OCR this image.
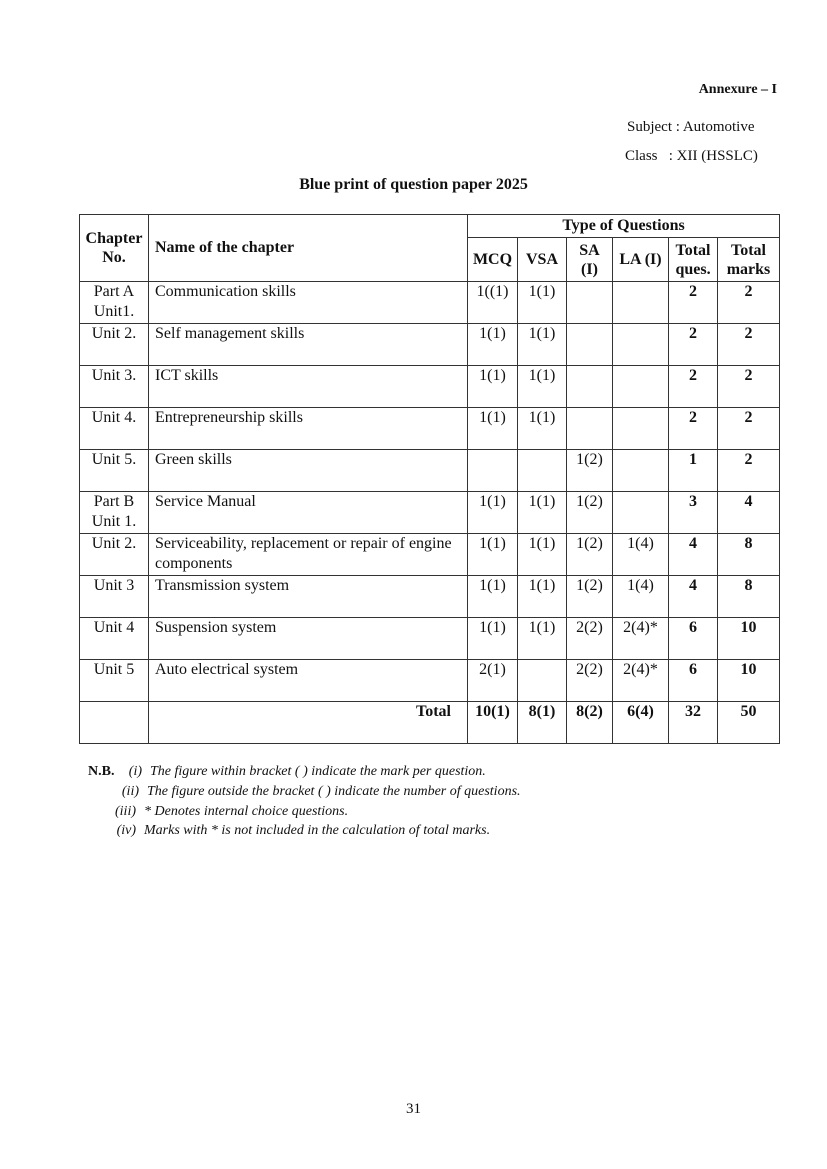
Annexure – I
Subject : Automotive
Class   : XII (HSSLC)
Blue print of question paper 2025
Chapter No.	Name of the chapter	Type of Questions					
		MCQ	VSA	SA (I)	LA (I)	Total ques.	Total marks
Part A Unit1.	Communication skills	1((1)	1(1)			2	2
Unit 2.	Self management skills	1(1)	1(1)			2	2
Unit 3.	ICT skills	1(1)	1(1)			2	2
Unit 4.	Entrepreneurship skills	1(1)	1(1)			2	2
Unit 5.	Green skills			1(2)		1	2
Part B Unit 1.	Service Manual	1(1)	1(1)	1(2)		3	4
Unit 2.	Serviceability, replacement or repair of engine components	1(1)	1(1)	1(2)	1(4)	4	8
Unit 3	Transmission system	1(1)	1(1)	1(2)	1(4)	4	8
Unit 4	Suspension system	1(1)	1(1)	2(2)	2(4)*	6	10
Unit 5	Auto electrical system	2(1)		2(2)	2(4)*	6	10
	Total	10(1)	8(1)	8(2)	6(4)	32	50
N.B.	(i) The figure within bracket ( ) indicate the mark per question.
(ii) The figure outside the bracket ( ) indicate the number of questions.
(iii) * Denotes internal choice questions.
(iv) Marks with * is not included in the calculation of total marks.
31
